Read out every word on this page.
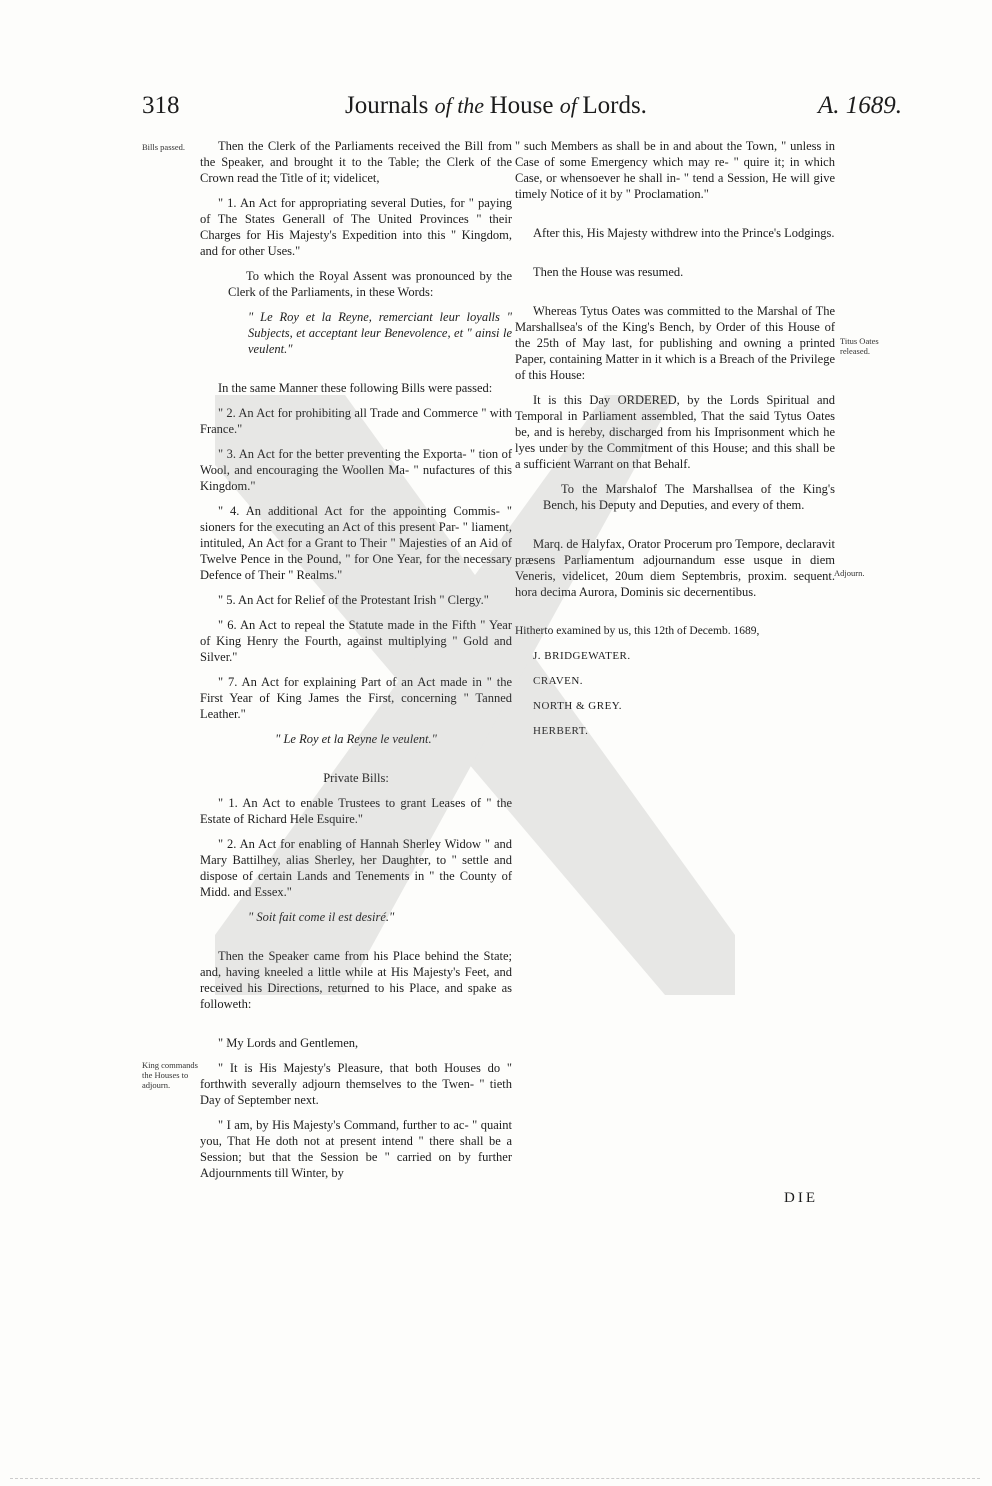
318	Journals of the House of Lords.	A. 1689.
Bills passed.
King commands the Houses to adjourn.
Titus Oates released.
Adjourn.

Then the Clerk of the Parliaments received the Bill from the Speaker, and brought it to the Table; the Clerk of the Crown read the Title of it; videlicet,

" 1. An Act for appropriating several Duties, for " paying of The States Generall of The United Provinces " their Charges for His Majesty's Expedition into this " Kingdom, and for other Uses."

To which the Royal Assent was pronounced by the Clerk of the Parliaments, in these Words:

" Le Roy et la Reyne, remerciant leur loyalls " Subjects, et acceptant leur Benevolence, et " ainsi le veulent."

In the same Manner these following Bills were passed:

" 2. An Act for prohibiting all Trade and Commerce " with France."

" 3. An Act for the better preventing the Exporta- " tion of Wool, and encouraging the Woollen Ma- " nufactures of this Kingdom."

" 4. An additional Act for the appointing Commis- " sioners for the executing an Act of this present Par- " liament, intituled, An Act for a Grant to Their " Majesties of an Aid of Twelve Pence in the Pound, " for One Year, for the necessary Defence of Their " Realms."

" 5. An Act for Relief of the Protestant Irish " Clergy."

" 6. An Act to repeal the Statute made in the Fifth " Year of King Henry the Fourth, against multiplying " Gold and Silver."

" 7. An Act for explaining Part of an Act made in " the First Year of King James the First, concerning " Tanned Leather."

" Le Roy et la Reyne le veulent."

Private Bills:

" 1. An Act to enable Trustees to grant Leases of " the Estate of Richard Hele Esquire."

" 2. An Act for enabling of Hannah Sherley Widow " and Mary Battilhey, alias Sherley, her Daughter, to " settle and dispose of certain Lands and Tenements in " the County of Midd. and Essex."

" Soit fait come il est desiré."

Then the Speaker came from his Place behind the State; and, having kneeled a little while at His Majesty's Feet, and received his Directions, returned to his Place, and spake as followeth:

" My Lords and Gentlemen,

" It is His Majesty's Pleasure, that both Houses do " forthwith severally adjourn themselves to the Twen- " tieth Day of September next.

" I am, by His Majesty's Command, further to ac- " quaint you, That He doth not at present intend " there shall be a Session; but that the Session be " carried on by further Adjournments till Winter, by

" such Members as shall be in and about the Town, " unless in Case of some Emergency which may re- " quire it; in which Case, or whensoever he shall in- " tend a Session, He will give timely Notice of it by " Proclamation."

After this, His Majesty withdrew into the Prince's Lodgings.

Then the House was resumed.

Whereas Tytus Oates was committed to the Marshal of The Marshallsea's of the King's Bench, by Order of this House of the 25th of May last, for publishing and owning a printed Paper, containing Matter in it which is a Breach of the Privilege of this House:

It is this Day ORDERED, by the Lords Spiritual and Temporal in Parliament assembled, That the said Tytus Oates be, and is hereby, discharged from his Imprisonment which he lyes under by the Commitment of this House; and this shall be a sufficient Warrant on that Behalf.

To the Marshalof The Marshallsea of the King's Bench, his Deputy and Deputies, and every of them.

Marq. de Halyfax, Orator Procerum pro Tempore, declaravit præsens Parliamentum adjournandum esse usque in diem Veneris, videlicet, 20um diem Septembris, proxim. sequent. hora decima Aurora, Dominis sic decernentibus.

Hitherto examined by us, this 12th of Decemb. 1689,

J. BRIDGEWATER.

CRAVEN.

NORTH & GREY.

HERBERT.

DIE
